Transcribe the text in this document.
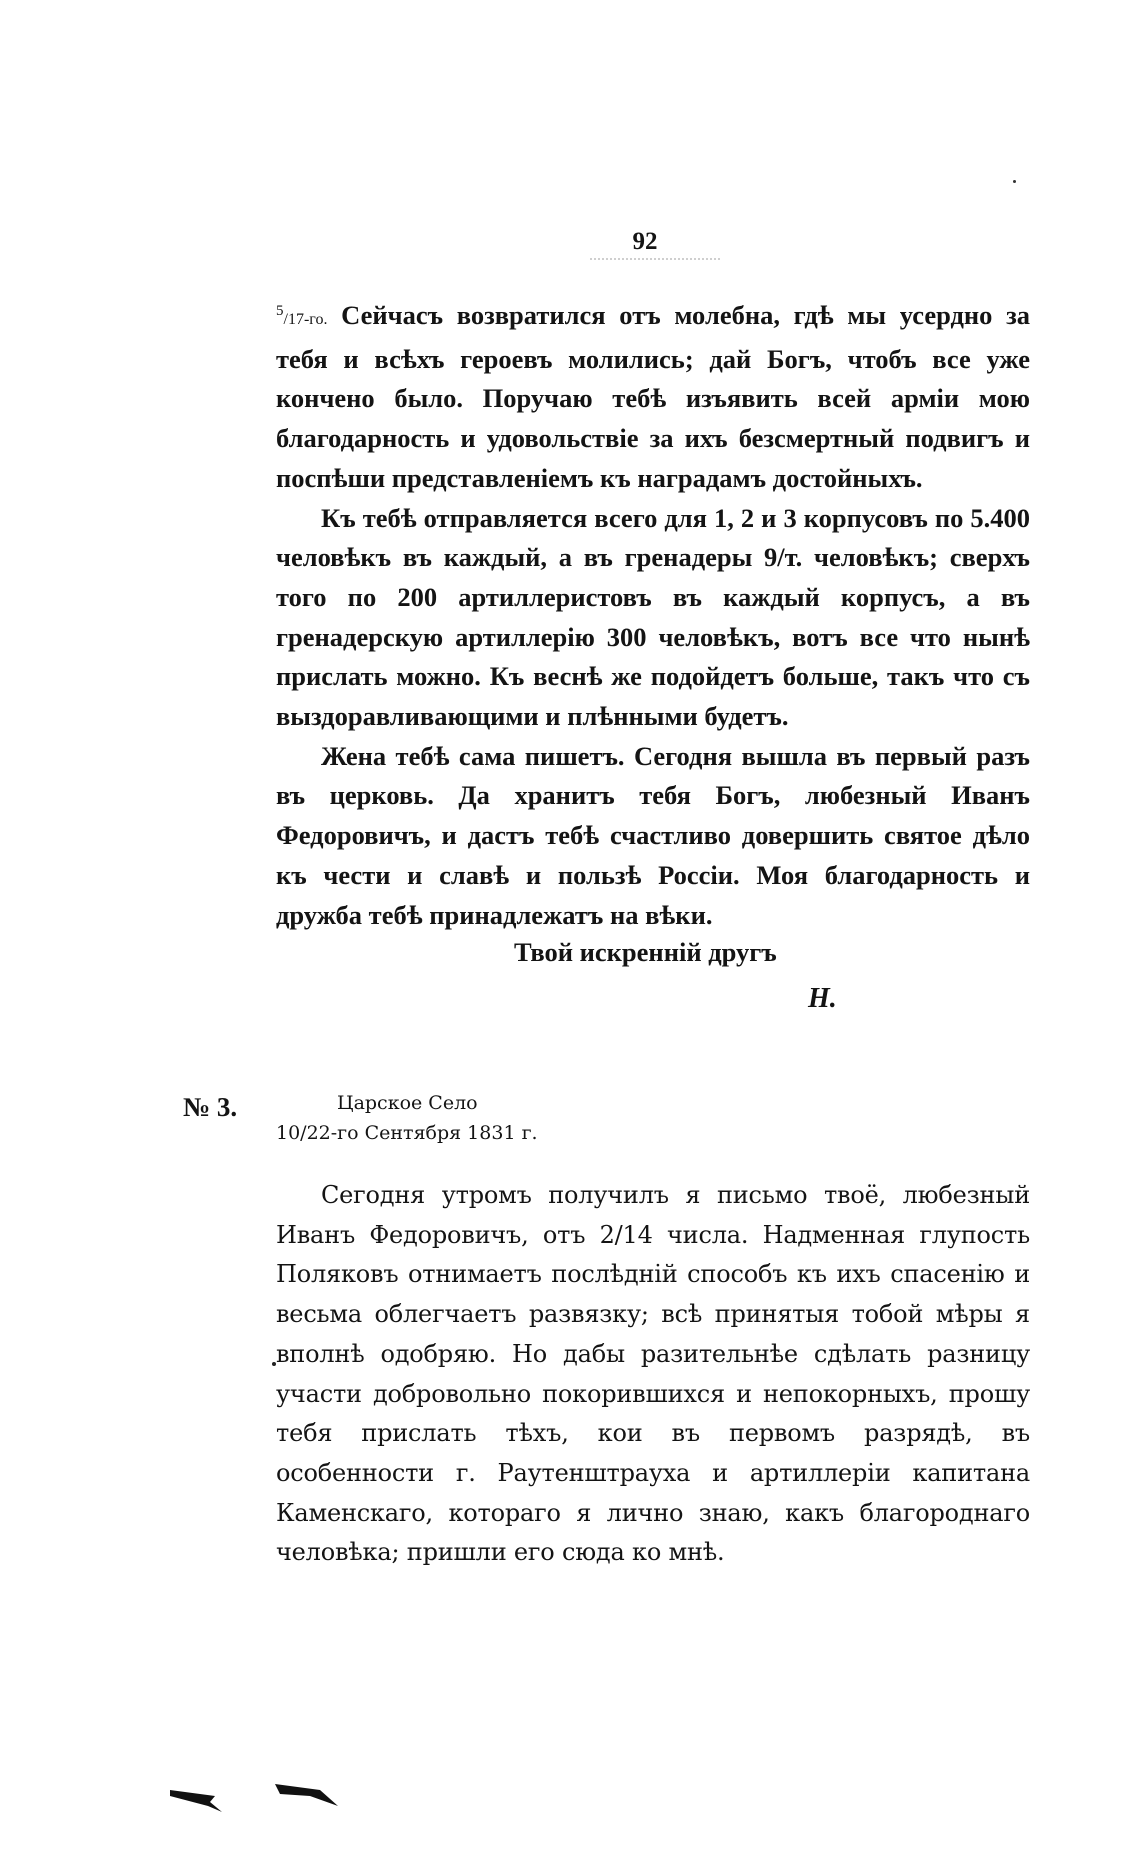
92

$^5$/17-го. Сейчасъ возвратился отъ молебна, гдѣ мы усердно за тебя и всѣхъ героевъ молились; дай Богъ, чтобъ все уже кончено было. Поручаю тебѣ изъявить всей арміи мою благодарность и удовольствіе за ихъ безсмертный подвигъ и поспѣши представленіемъ къ наградамъ достойныхъ.

Къ тебѣ отправляется всего для 1, 2 и 3 корпусовъ по 5.400 человѣкъ въ каждый, а въ гренадеры 9/т. человѣкъ; сверхъ того по 200 артиллеристовъ въ каждый корпусъ, а въ гренадерскую артиллерію 300 человѣкъ, вотъ все что нынѣ прислать можно. Къ веснѣ же подойдетъ больше, такъ что съ выздоравливающими и плѣнными будетъ.

Жена тебѣ сама пишетъ. Сегодня вышла въ первый разъ въ церковь. Да хранитъ тебя Богъ, любезный Иванъ Федоровичъ, и дастъ тебѣ счастливо довершить святое дѣло къ чести и славѣ и пользѣ Россіи. Моя благодарность и дружба тебѣ принадлежатъ на вѣки.

Твой искренній другъ
Н.
№ 3.	Царское Село
10/22-го Сентября 1831 г.

Сегодня утромъ получилъ я письмо твоё, любезный Иванъ Федоровичъ, отъ 2/14 числа. Надменная глупость Поляковъ отнимаетъ послѣдній способъ къ ихъ спасенію и весьма облегчаетъ развязку; всѣ принятыя тобой мѣры я вполнѣ одобряю. Но дабы разительнѣе сдѣлать разницу участи добровольно покорившихся и непокорныхъ, прошу тебя прислать тѣхъ, кои въ первомъ разрядѣ, въ особенности г. Раутенштрауха и артиллеріи капитана Каменскаго, котораго я лично знаю, какъ благороднаго человѣка; пришли его сюда ко мнѣ.
